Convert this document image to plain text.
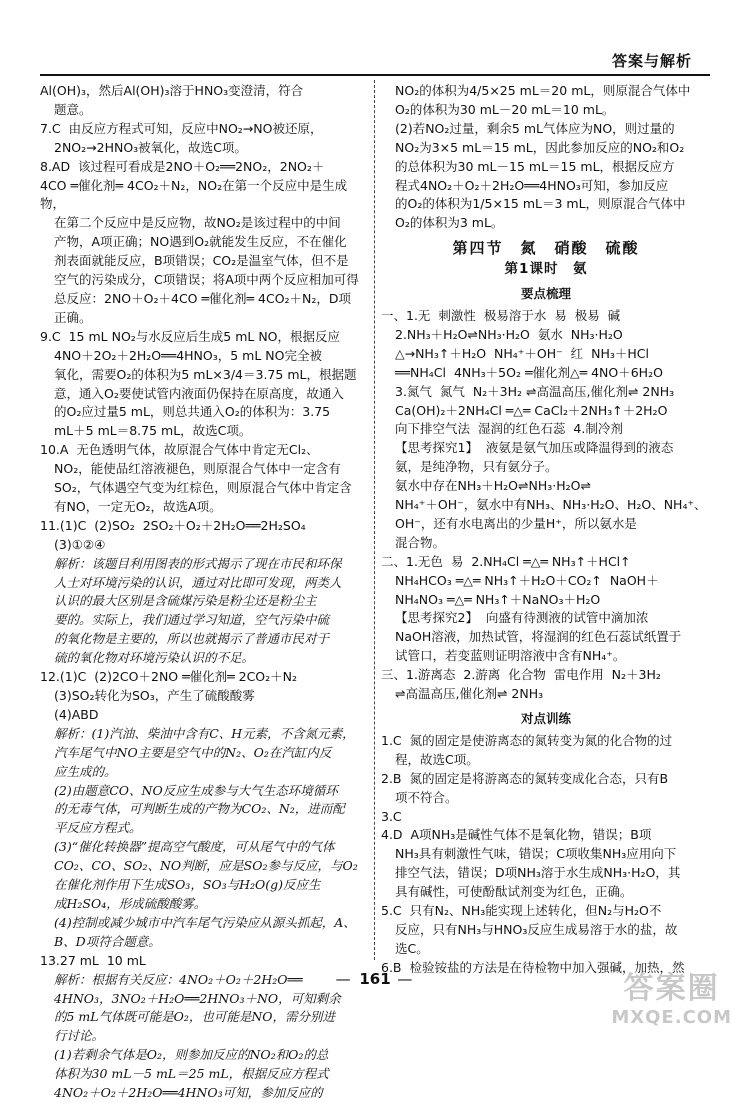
答案与解析

Al(OH)₃，然后Al(OH)₃溶于HNO₃变澄清，符合

题意。

7.C  由反应方程式可知，反应中NO₂→NO被还原，

2NO₂→2HNO₃被氧化，故选C项。

8.AD  该过程可看成是2NO＋O₂══2NO₂，2NO₂＋

4CO ═催化剂═ 4CO₂＋N₂，NO₂在第一个反应中是生成物，

在第二个反应中是反应物，故NO₂是该过程中的中间

产物，A项正确；NO遇到O₂就能发生反应，不在催化

剂表面就能反应，B项错误；CO₂是温室气体，但不是

空气的污染成分，C项错误；将A项中两个反应相加可得

总反应：2NO＋O₂＋4CO ═催化剂═ 4CO₂＋N₂，D项

正确。

9.C  15 mL NO₂与水反应后生成5 mL NO，根据反应

4NO＋2O₂＋2H₂O══4HNO₃，5 mL NO完全被

氧化，需要O₂的体积为5 mL×3/4＝3.75 mL，根据题

意，通入O₂要使试管内液面仍保持在原高度，故通入

的O₂应过量5 mL，则总共通入O₂的体积为：3.75

mL＋5 mL＝8.75 mL，故选C项。

10.A  无色透明气体，故原混合气体中肯定无Cl₂、

NO₂，能使品红溶液褪色，则原混合气体中一定含有

SO₂，气体遇空气变为红棕色，则原混合气体中肯定含

有NO，一定无O₂，故选A项。

11.(1)C  (2)SO₂  2SO₂＋O₂＋2H₂O══2H₂SO₄

(3)①②④

解析：该题目利用图表的形式揭示了现在市民和环保

人士对环境污染的认识，通过对比即可发现，两类人

认识的最大区别是含硫煤污染是粉尘还是粉尘主

要的。实际上，我们通过学习知道，空气污染中硫

的氧化物是主要的，所以也就揭示了普通市民对于

硫的氧化物对环境污染认识的不足。

12.(1)C  (2)2CO＋2NO ═催化剂═ 2CO₂＋N₂

(3)SO₂转化为SO₃，产生了硫酸酸雾

(4)ABD

解析：(1)汽油、柴油中含有C、H元素，不含氮元素，

汽车尾气中NO主要是空气中的N₂、O₂在汽缸内反

应生成的。

(2)由题意CO、NO反应生成参与大气生态环境循环

的无毒气体，可判断生成的产物为CO₂、N₂，进而配

平反应方程式。

(3)“催化转换器”提高空气酸度，可从尾气中的气体

CO₂、CO、SO₂、NO判断，应是SO₂参与反应，与O₂

在催化剂作用下生成SO₃，SO₃与H₂O(g)反应生

成H₂SO₄，形成硫酸酸雾。

(4)控制或减少城市中汽车尾气污染应从源头抓起，A、

B、D项符合题意。

13.27 mL  10 mL

解析：根据有关反应：4NO₂＋O₂＋2H₂O══

4HNO₃，3NO₂＋H₂O══2HNO₃＋NO，可知剩余

的5 mL气体既可能是O₂，也可能是NO，需分别进

行讨论。

(1)若剩余气体是O₂，则参加反应的NO₂和O₂的总

体积为30 mL－5 mL＝25 mL，根据反应方程式

4NO₂＋O₂＋2H₂O══4HNO₃可知，参加反应的

NO₂的体积为4/5×25 mL＝20 mL，则原混合气体中

O₂的体积为30 mL－20 mL＝10 mL。

(2)若NO₂过量，剩余5 mL气体应为NO，则过量的

NO₂为3×5 mL＝15 mL，因此参加反应的NO₂和O₂

的总体积为30 mL－15 mL＝15 mL，根据反应方

程式4NO₂＋O₂＋2H₂O══4HNO₃可知，参加反应

的O₂的体积为1/5×15 mL＝3 mL，则原混合气体中

O₂的体积为3 mL。

第四节　氮　硝酸　硫酸

第1课时　氨

要点梳理

一、1.无  刺激性  极易溶于水  易  极易  碱

2.NH₃＋H₂O⇌NH₃·H₂O  氨水  NH₃·H₂O

△→NH₃↑＋H₂O  NH₄⁺＋OH⁻  红  NH₃＋HCl

══NH₄Cl  4NH₃＋5O₂ ═催化剂△═ 4NO＋6H₂O

3.氮气  氮气  N₂＋3H₂ ⇌高温高压,催化剂⇌ 2NH₃

Ca(OH)₂＋2NH₄Cl ═△═ CaCl₂＋2NH₃↑＋2H₂O

向下排空气法  湿润的红色石蕊  4.制冷剂

【思考探究1】  液氨是氨气加压或降温得到的液态

氨，是纯净物，只有氨分子。

氨水中存在NH₃＋H₂O⇌NH₃·H₂O⇌

NH₄⁺＋OH⁻，氨水中有NH₃、NH₃·H₂O、H₂O、NH₄⁺、

OH⁻，还有水电离出的少量H⁺，所以氨水是

混合物。

二、1.无色  易  2.NH₄Cl ═△═ NH₃↑＋HCl↑

NH₄HCO₃ ═△═ NH₃↑＋H₂O＋CO₂↑  NaOH＋

NH₄NO₃ ═△═ NH₃↑＋NaNO₃＋H₂O

【思考探究2】  向盛有待测液的试管中滴加浓

NaOH溶液，加热试管，将湿润的红色石蕊试纸置于

试管口，若变蓝则证明溶液中含有NH₄⁺。

三、1.游离态  2.游离  化合物  雷电作用  N₂＋3H₂

⇌高温高压,催化剂⇌ 2NH₃

对点训练

1.C  氮的固定是使游离态的氮转变为氮的化合物的过

程，故选C项。

2.B  氮的固定是将游离态的氮转变成化合态，只有B

项不符合。

3.C

4.D  A项NH₃是碱性气体不是氧化物，错误；B项

NH₃具有刺激性气味，错误；C项收集NH₃应用向下

排空气法，错误；D项NH₃溶于水生成NH₃·H₂O，其

具有碱性，可使酚酞试剂变为红色，正确。

5.C  只有N₂、NH₃能实现上述转化，但N₂与H₂O不

反应，只有NH₃与HNO₃反应生成易溶于水的盐，故

选C。

6.B  检验铵盐的方法是在待检物中加入强碱，加热，然

— 161 —	答案圈
MXQE.COM
